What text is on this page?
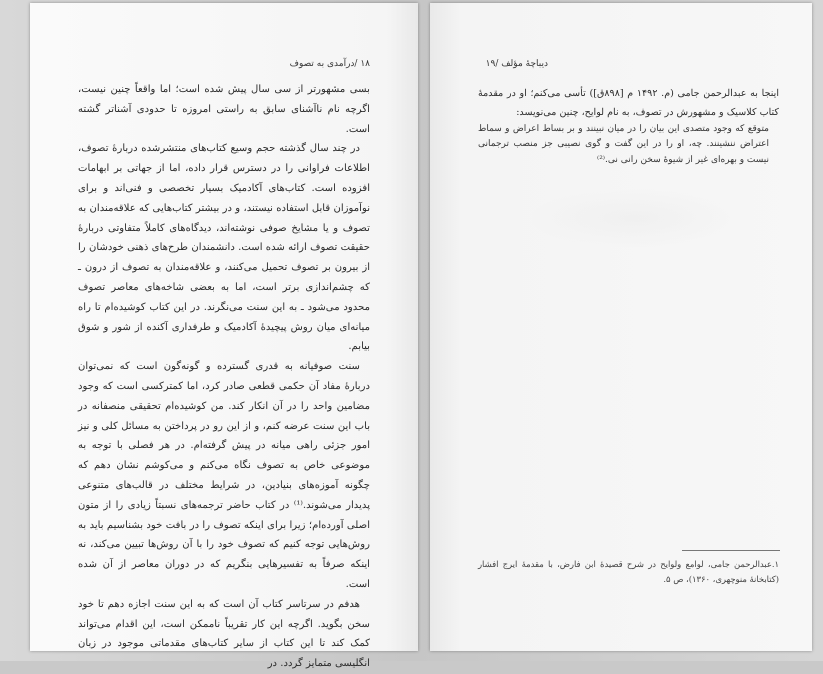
۱۸ /درآمدی به تصوف

بسی مشهورتر از سی سال پیش شده است؛ اما واقعاً چنین نیست، اگرچه نام ناآشنای سابق به راستی امروزه تا حدودی آشناتر گشته است.

در چند سال گذشته حجم وسیع کتاب‌های منتشرشده دربارهٔ تصوف، اطلاعات فراوانی را در دسترس قرار داده، اما از جهاتی بر ابهامات افزوده است. کتاب‌های آکادمیک بسیار تخصصی و فنی‌اند و برای نوآموزان قابل استفاده نیستند، و در بیشتر کتاب‌هایی که علاقه‌مندان به تصوف و یا مشایخ صوفی نوشته‌اند، دیدگاه‌های کاملاً متفاوتی دربارهٔ حقیقت تصوف ارائه شده است. دانشمندان طرح‌های ذهنی خودشان را از بیرون بر تصوف تحمیل می‌کنند، و علاقه‌مندان به تصوف از درون ـ که چشم‌اندازی برتر است، اما به بعضی شاخه‌های معاصر تصوف محدود می‌شود ـ به این سنت می‌نگرند. در این کتاب کوشیده‌ام تا راه میانه‌ای میان روش پیچیدهٔ آکادمیک و طرفداری آکنده از شور و شوق بیابم.

سنت صوفیانه به قدری گسترده و گونه‌گون است که نمی‌توان دربارهٔ مفاد آن حکمی قطعی صادر کرد، اما کمترکسی است که وجود مضامین واحد را در آن انکار کند. من کوشیده‌ام تحقیقی منصفانه در باب این سنت عرضه کنم، و از این رو در پرداختن به مسائل کلی و نیز امور جزئی راهی میانه در پیش گرفته‌ام. در هر فصلی با توجه به موضوعی خاص به تصوف نگاه می‌کنم و می‌کوشم نشان دهم که چگونه آموزه‌های بنیادین، در شرایط مختلف در قالب‌های متنوعی پدیدار می‌شوند.⁽¹⁾ در کتاب حاضر ترجمه‌های نسبتاً زیادی را از متون اصلی آورده‌ام؛ زیرا برای اینکه تصوف را در بافت خود بشناسیم باید به روش‌هایی توجه کنیم که تصوف خود را با آن روش‌ها تبیین می‌کند، نه اینکه صرفاً به تفسیرهایی بنگریم که در دوران معاصر از آن شده است.

هدفم در سرتاسر کتاب آن است که به این سنت اجازه دهم تا خود سخن بگوید. اگرچه این کار تقریباً ناممکن است، این اقدام می‌تواند کمک کند تا این کتاب از سایر کتاب‌های مقدماتی موجود در زبان انگلیسی متمایز گردد. در

دیباچهٔ مؤلف /۱۹

اینجا به عبدالرحمن جامی (م. ۱۴۹۲ م [۸۹۸ق]) تأسی می‌کنم؛ او در مقدمهٔ کتاب کلاسیک و مشهورش در تصوف، به نام لوایح، چنین می‌نویسد:

متوقع که وجود متصدی این بیان را در میان نبینند و بر بساط اعراض و سماط اعتراض ننشینند. چه، او را در این گفت و گوی نصیبی جز منصب ترجمانی نیست و بهره‌ای غیر از شیوهٔ سخن رانی نی.⁽²⁾

۱.عبدالرحمن جامی، لوامع ولوایح در شرح قصیدهٔ ابن فارض، با مقدمهٔ ایرج افشار (کتابخانهٔ منوچهری، ۱۳۶۰)، ص ۵.
